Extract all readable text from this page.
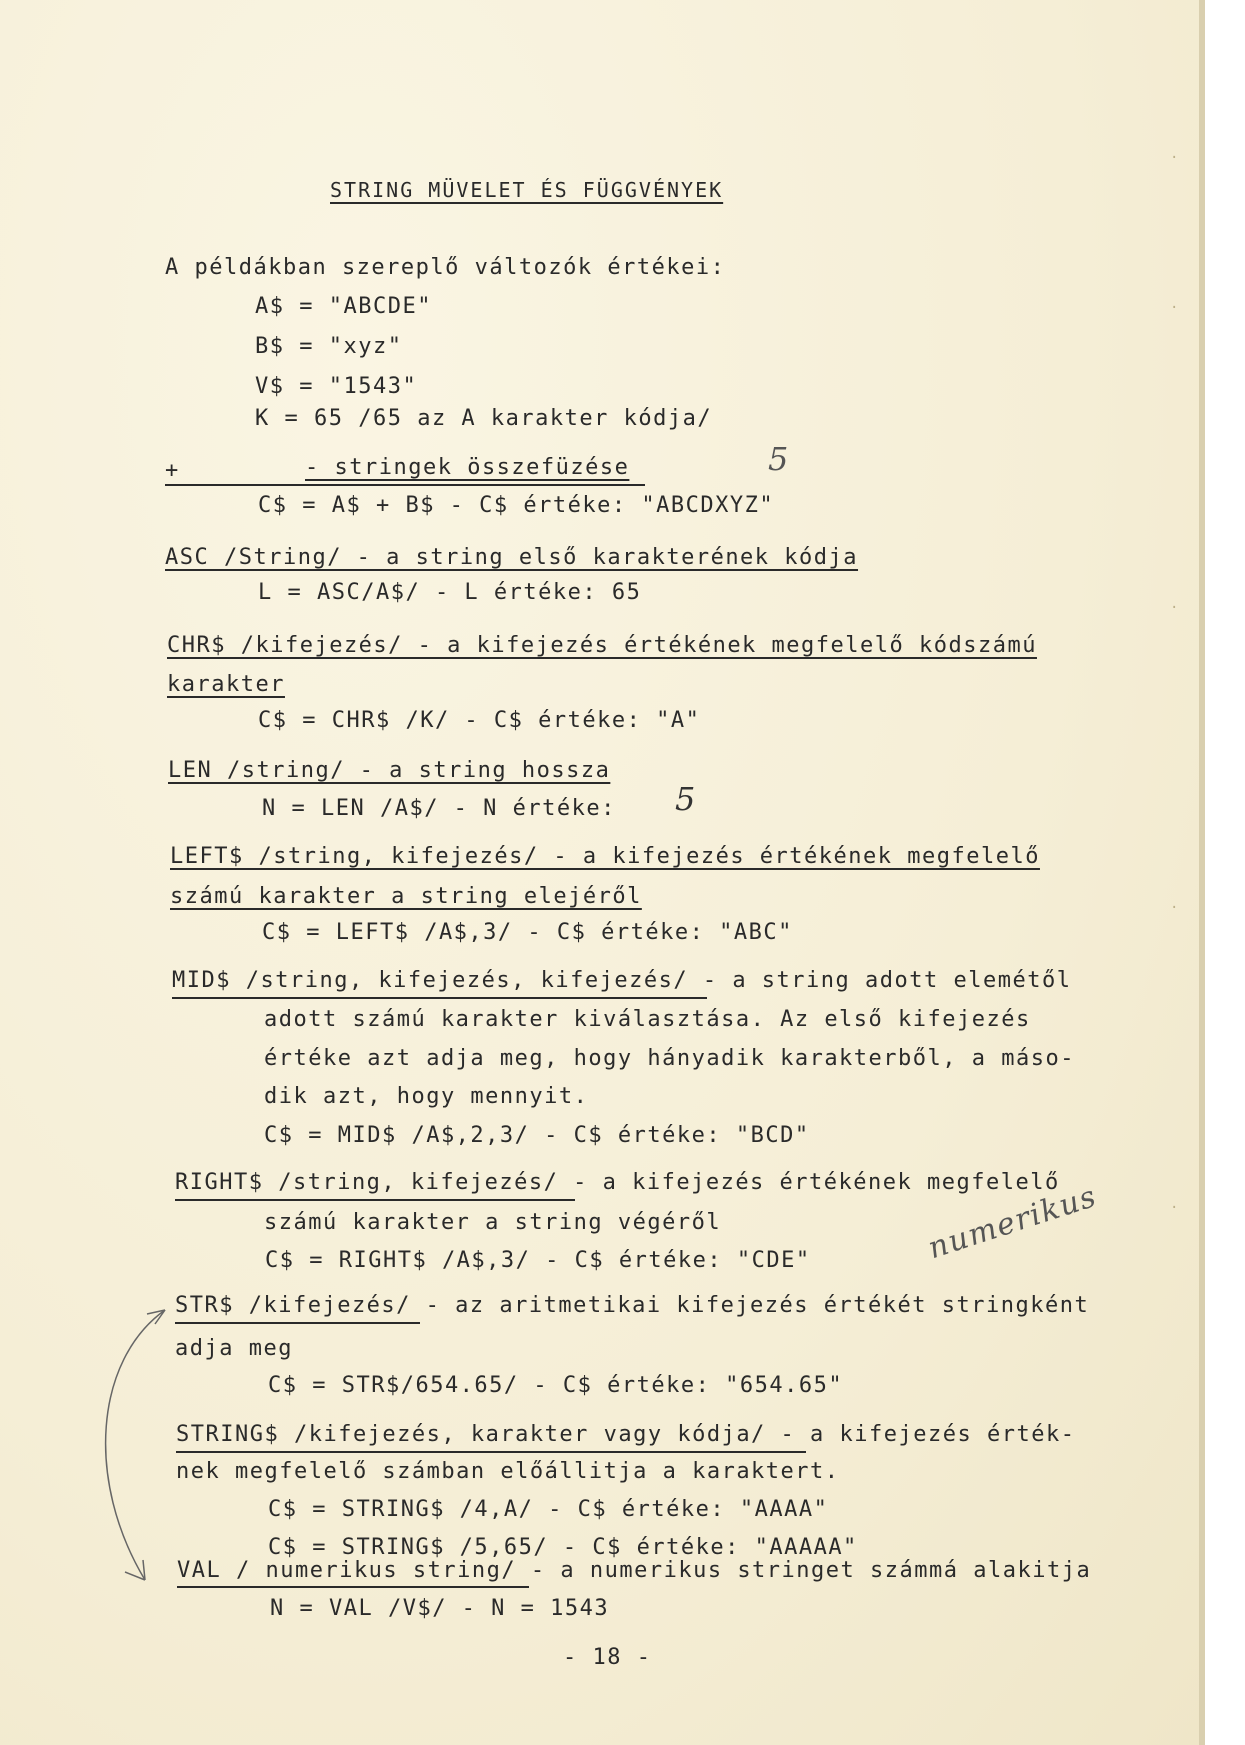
STRING MÜVELET ÉS FÜGGVÉNYEK
A példákban szereplő változók értékei:
A$ = "ABCDE"
B$ = "xyz"
V$ = "1543"
K = 65 /65 az A karakter kódja/
+	- stringek összefüzése	5
C$ = A$ + B$ - C$ értéke: "ABCDXYZ"
ASC /String/ - a string első karakterének kódja
L = ASC/A$/ - L értéke: 65
CHR$ /kifejezés/ - a kifejezés értékének megfelelő kódszámú
karakter
C$ = CHR$ /K/ - C$ értéke: "A"
LEN /string/ - a string hossza
N = LEN /A$/ - N értéke: 5
LEFT$ /string, kifejezés/ - a kifejezés értékének megfelelő
számú karakter a string elejéről
C$ = LEFT$ /A$,3/ - C$ értéke: "ABC"
MID$ /string, kifejezés, kifejezés/ - a string adott elemétől
adott számú karakter kiválasztása. Az első kifejezés
értéke azt adja meg, hogy hányadik karakterből, a máso-
dik azt, hogy mennyit.
C$ = MID$ /A$,2,3/ - C$ értéke: "BCD"
RIGHT$ /string, kifejezés/ - a kifejezés értékének megfelelő
számú karakter a string végéről
C$ = RIGHT$ /A$,3/ - C$ értéke: "CDE"	numerikus
STR$ /kifejezés/ - az aritmetikai kifejezés értékét stringként
adja meg
C$ = STR$/654.65/ - C$ értéke: "654.65"
STRING$ /kifejezés, karakter vagy kódja/ - a kifejezés érték-
nek megfelelő számban előállitja a karaktert.
C$ = STRING$ /4,A/ - C$ értéke: "AAAA"
C$ = STRING$ /5,65/ - C$ értéke: "AAAAA"
VAL / numerikus string/ - a numerikus stringet számmá alakitja
N = VAL /V$/ - N = 1543
- 18 -
·
·
·
·
·
